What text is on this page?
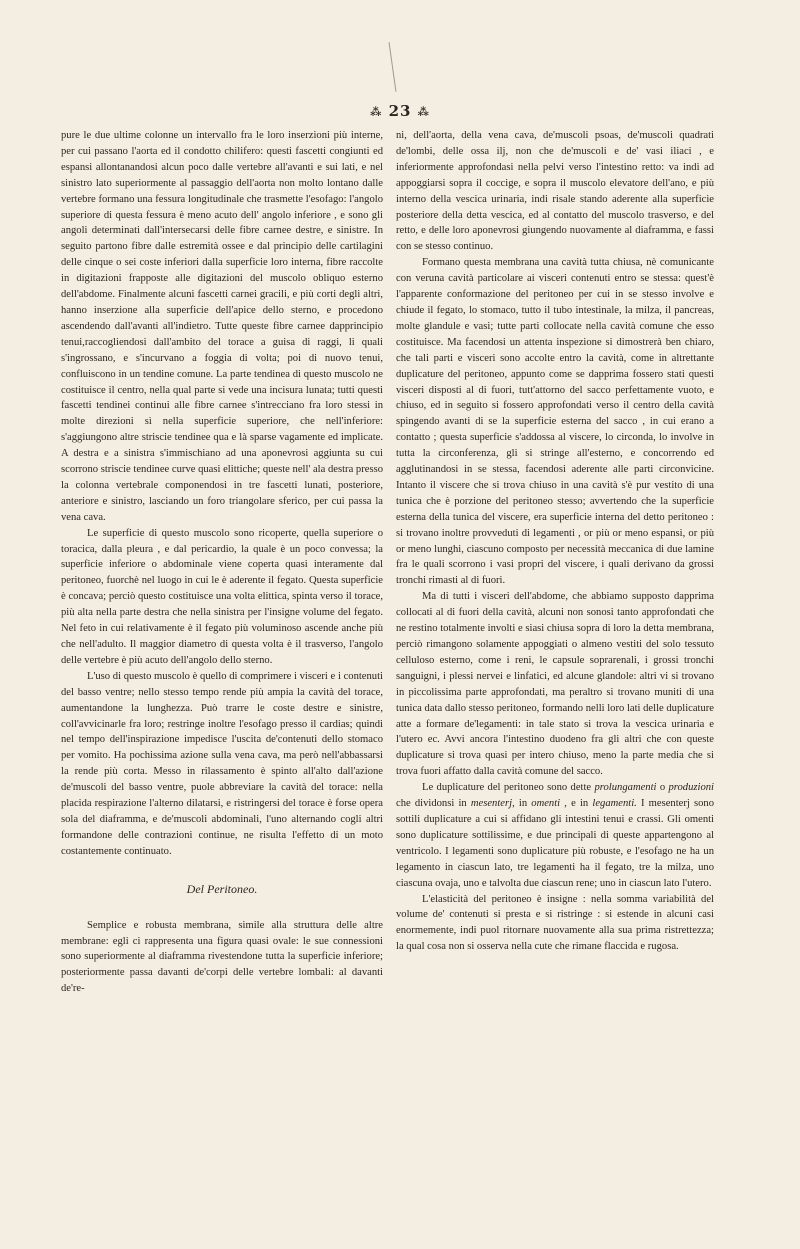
⁂ 23 ⁂

pure le due ultime colonne un intervallo fra le loro inserzioni più interne, per cui passano l'aorta ed il condotto chilifero: questi fascetti congiunti ed espansi allontanandosi alcun poco dalle vertebre all'avanti e sui lati, e nel sinistro lato superiormente al passaggio dell'aorta non molto lontano dalle vertebre formano una fessura longitudinale che trasmette l'esofago: l'angolo superiore di questa fessura è meno acuto dell' angolo inferiore , e sono gli angoli determinati dall'intersecarsi delle fibre carnee destre, e sinistre. In seguito partono fibre dalle estremità ossee e dal principio delle cartilagini delle cinque o sei coste inferiori dalla superficie loro interna, fibre raccolte in digitazioni frapposte alle digitazioni del muscolo obliquo esterno dell'abdome. Finalmente alcuni fascetti carnei gracili, e più corti degli altri, hanno inserzione alla superficie dell'apice dello sterno, e procedono ascendendo dall'avanti all'indietro. Tutte queste fibre carnee dapprincipio tenui,raccogliendosi dall'ambito del torace a guisa di raggi, li quali s'ingrossano, e s'incurvano a foggia di volta; poi di nuovo tenui, confluiscono in un tendine comune. La parte tendinea di questo muscolo ne costituisce il centro, nella qual parte si vede una incisura lunata; tutti questi fascetti tendinei continui alle fibre carnee s'intrecciano fra loro stessi in molte direzioni sì nella superficie superiore, che nell'inferiore: s'aggiungono altre striscie tendinee qua e là sparse vagamente ed implicate. A destra e a sinistra s'immischiano ad una aponevrosi aggiunta su cui scorrono striscie tendinee curve quasi elittiche; queste nell' ala destra presso la colonna vertebrale componendosi in tre fascetti lunati, posteriore, anteriore e sinistro, lasciando un foro triangolare sferico, per cui passa la vena cava.

Le superficie di questo muscolo sono ricoperte, quella superiore o toracica, dalla pleura , e dal pericardio, la quale è un poco convessa; la superficie inferiore o abdominale viene coperta quasi interamente dal peritoneo, fuorchè nel luogo in cui le è aderente il fegato. Questa superficie è concava; perciò questo costituisce una volta elittica, spinta verso il torace, più alta nella parte destra che nella sinistra per l'insigne volume del fegato. Nel feto in cui relativamente è il fegato più voluminoso ascende anche più che nell'adulto. Il maggior diametro di questa volta è il trasverso, l'angolo delle vertebre è più acuto dell'angolo dello sterno.

L'uso di questo muscolo è quello di comprimere i visceri e i contenuti del basso ventre; nello stesso tempo rende più ampia la cavità del torace, aumentandone la lunghezza. Può trarre le coste destre e sinistre, coll'avvicinarle fra loro; restringe inoltre l'esofago presso il cardias; quindi nel tempo dell'inspirazione impedisce l'uscita de'contenuti dello stomaco per vomito. Ha pochissima azione sulla vena cava, ma però nell'abbassarsi la rende più corta. Messo in rilassamento è spinto all'alto dall'azione de'muscoli del basso ventre, puole abbreviare la cavità del torace: nella placida respirazione l'alterno dilatarsi, e ristringersi del torace è forse opera sola del diaframma, e de'muscoli abdominali, l'uno alternando cogli altri formandone delle contrazioni continue, ne risulta l'effetto di un moto costantemente continuato.

Del Peritoneo.

Semplice e robusta membrana, simile alla struttura delle altre membrane: egli ci rappresenta una figura quasi ovale: le sue connessioni sono superiormente al diaframma rivestendone tutta la superficie inferiore; posteriormente passa davanti de'corpi delle vertebre lombali: al davanti de're-

ni, dell'aorta, della vena cava, de'muscoli psoas, de'muscoli quadrati de'lombi, delle ossa ilj, non che de'muscoli e de' vasi iliaci , e inferiormente approfondasi nella pelvi verso l'intestino retto: va indi ad appoggiarsi sopra il coccige, e sopra il muscolo elevatore dell'ano, e più interno della vescica urinaria, indi risale stando aderente alla superficie posteriore della detta vescica, ed al contatto del muscolo trasverso, e del retto, e delle loro aponevrosi giungendo nuovamente al diaframma, e fassi con se stesso continuo.

Formano questa membrana una cavità tutta chiusa, nè comunicante con veruna cavità particolare ai visceri contenuti entro se stessa: quest'è l'apparente conformazione del peritoneo per cui in se stesso involve e chiude il fegato, lo stomaco, tutto il tubo intestinale, la milza, il pancreas, molte glandule e vasi; tutte parti collocate nella cavità comune che esso costituisce. Ma facendosi un attenta inspezione si dimostrerà ben chiaro, che tali parti e visceri sono accolte entro la cavità, come in altrettante duplicature del peritoneo, appunto come se dapprima fossero stati questi visceri disposti al di fuori, tutt'attorno del sacco perfettamente vuoto, e chiuso, ed in seguito si fossero approfondati verso il centro della cavità spingendo avanti di se la superficie esterna del sacco , in cui erano a contatto ; questa superficie s'addossa al viscere, lo circonda, lo involve in tutta la circonferenza, gli si stringe all'esterno, e concorrendo ed agglutinandosi in se stessa, facendosi aderente alle parti circonvicine. Intanto il viscere che si trova chiuso in una cavità s'è pur vestito di una tunica che è porzione del peritoneo stesso; avvertendo che la superficie esterna della tunica del viscere, era superficie interna del detto peritoneo : si trovano inoltre provveduti di legamenti , or più or meno espansi, or più or meno lunghi, ciascuno composto per necessità meccanica di due lamine fra le quali scorrono i vasi propri del viscere, i quali derivano da grossi tronchi rimasti al di fuori.

Ma di tutti i visceri dell'abdome, che abbiamo supposto dapprima collocati al di fuori della cavità, alcuni non sonosi tanto approfondati che ne restino totalmente involti e siasi chiusa sopra di loro la detta membrana, perciò rimangono solamente appoggiati o almeno vestiti del solo tessuto celluloso esterno, come i reni, le capsule soprarenali, i grossi tronchi sanguigni, i plessi nervei e linfatici, ed alcune glandole: altri vi si trovano in piccolissima parte approfondati, ma peraltro si trovano muniti di una tunica data dallo stesso peritoneo, formando nelli loro lati delle duplicature atte a formare de'legamenti: in tale stato si trova la vescica urinaria e l'utero ec. Avvi ancora l'intestino duodeno fra gli altri che con queste duplicature si trova quasi per intero chiuso, meno la parte media che si trova fuori affatto dalla cavità comune del sacco.

Le duplicature del peritoneo sono dette prolungamenti o produzioni che dividonsi in mesenterj, in omenti , e in legamenti. I mesenterj sono sottili duplicature a cui si affidano gli intestini tenui e crassi. Gli omenti sono duplicature sottilissime, e due principali di queste appartengono al ventricolo. I legamenti sono duplicature più robuste, e l'esofago ne ha un legamento in ciascun lato, tre legamenti ha il fegato, tre la milza, uno ciascuna ovaja, uno e talvolta due ciascun rene; uno in ciascun lato l'utero.

L'elasticità del peritoneo è insigne : nella somma variabilità del volume de' contenuti si presta e si ristringe : si estende in alcuni casi enormemente, indi puol ritornare nuovamente alla sua prima ristrettezza; la qual cosa non si osserva nella cute che rimane flaccida e rugosa.
